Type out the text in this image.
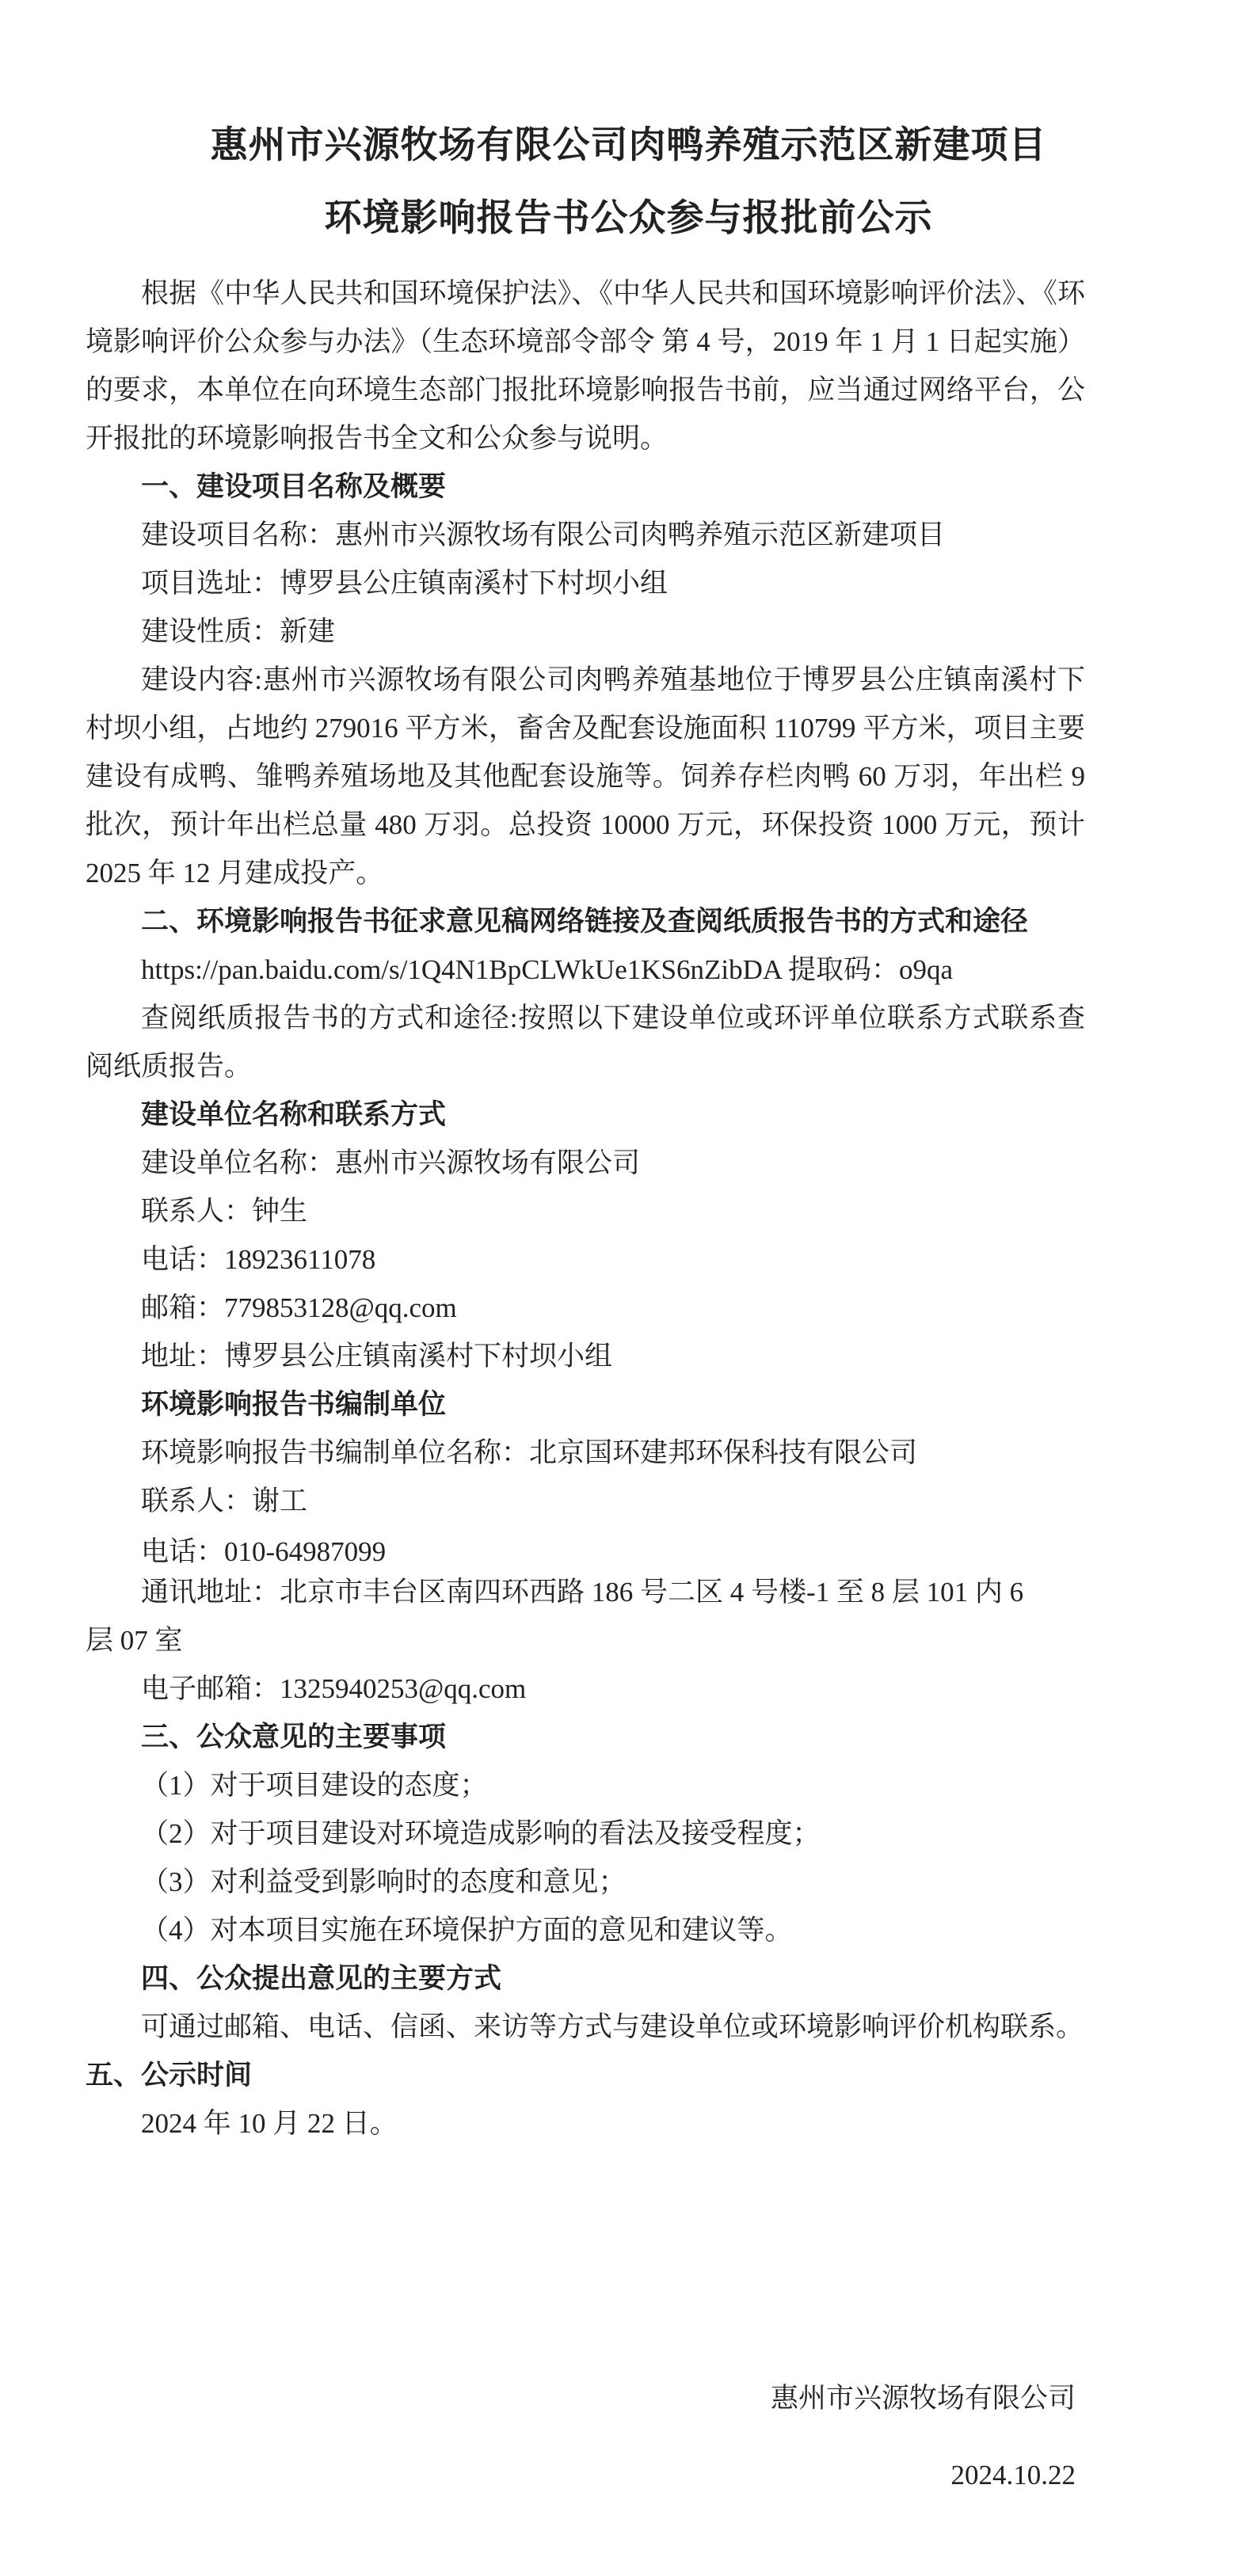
惠州市兴源牧场有限公司肉鸭养殖示范区新建项目
环境影响报告书公众参与报批前公示

根据《中华人民共和国环境保护法》、《中华人民共和国环境影响评价法》、《环境影响评价公众参与办法》（生态环境部令部令 第 4 号，2019 年 1 月 1 日起实施）的要求，本单位在向环境生态部门报批环境影响报告书前，应当通过网络平台，公开报批的环境影响报告书全文和公众参与说明。

一、建设项目名称及概要

建设项目名称：惠州市兴源牧场有限公司肉鸭养殖示范区新建项目

项目选址：博罗县公庄镇南溪村下村坝小组

建设性质：新建

建设内容:惠州市兴源牧场有限公司肉鸭养殖基地位于博罗县公庄镇南溪村下村坝小组，占地约 279016 平方米，畜舍及配套设施面积 110799 平方米，项目主要建设有成鸭、雏鸭养殖场地及其他配套设施等。饲养存栏肉鸭 60 万羽，年出栏 9 批次，预计年出栏总量 480 万羽。总投资 10000 万元，环保投资 1000 万元，预计 2025 年 12 月建成投产。

二、环境影响报告书征求意见稿网络链接及查阅纸质报告书的方式和途径

https://pan.baidu.com/s/1Q4N1BpCLWkUe1KS6nZibDA 提取码：o9qa

查阅纸质报告书的方式和途径:按照以下建设单位或环评单位联系方式联系查阅纸质报告。

建设单位名称和联系方式

建设单位名称：惠州市兴源牧场有限公司

联系人：钟生

电话：18923611078

邮箱：779853128@qq.com

地址：博罗县公庄镇南溪村下村坝小组

环境影响报告书编制单位

环境影响报告书编制单位名称：北京国环建邦环保科技有限公司

联系人：谢工

电话：010-64987099

通讯地址：北京市丰台区南四环西路 186 号二区 4 号楼-1 至 8 层 101 内 6

层 07 室

电子邮箱：1325940253@qq.com

三、公众意见的主要事项

（1）对于项目建设的态度；

（2）对于项目建设对环境造成影响的看法及接受程度；

（3）对利益受到影响时的态度和意见；

（4）对本项目实施在环境保护方面的意见和建议等。

四、公众提出意见的主要方式

可通过邮箱、电话、信函、来访等方式与建设单位或环境影响评价机构联系。

五、公示时间

2024 年 10 月 22 日。

惠州市兴源牧场有限公司
2024.10.22
